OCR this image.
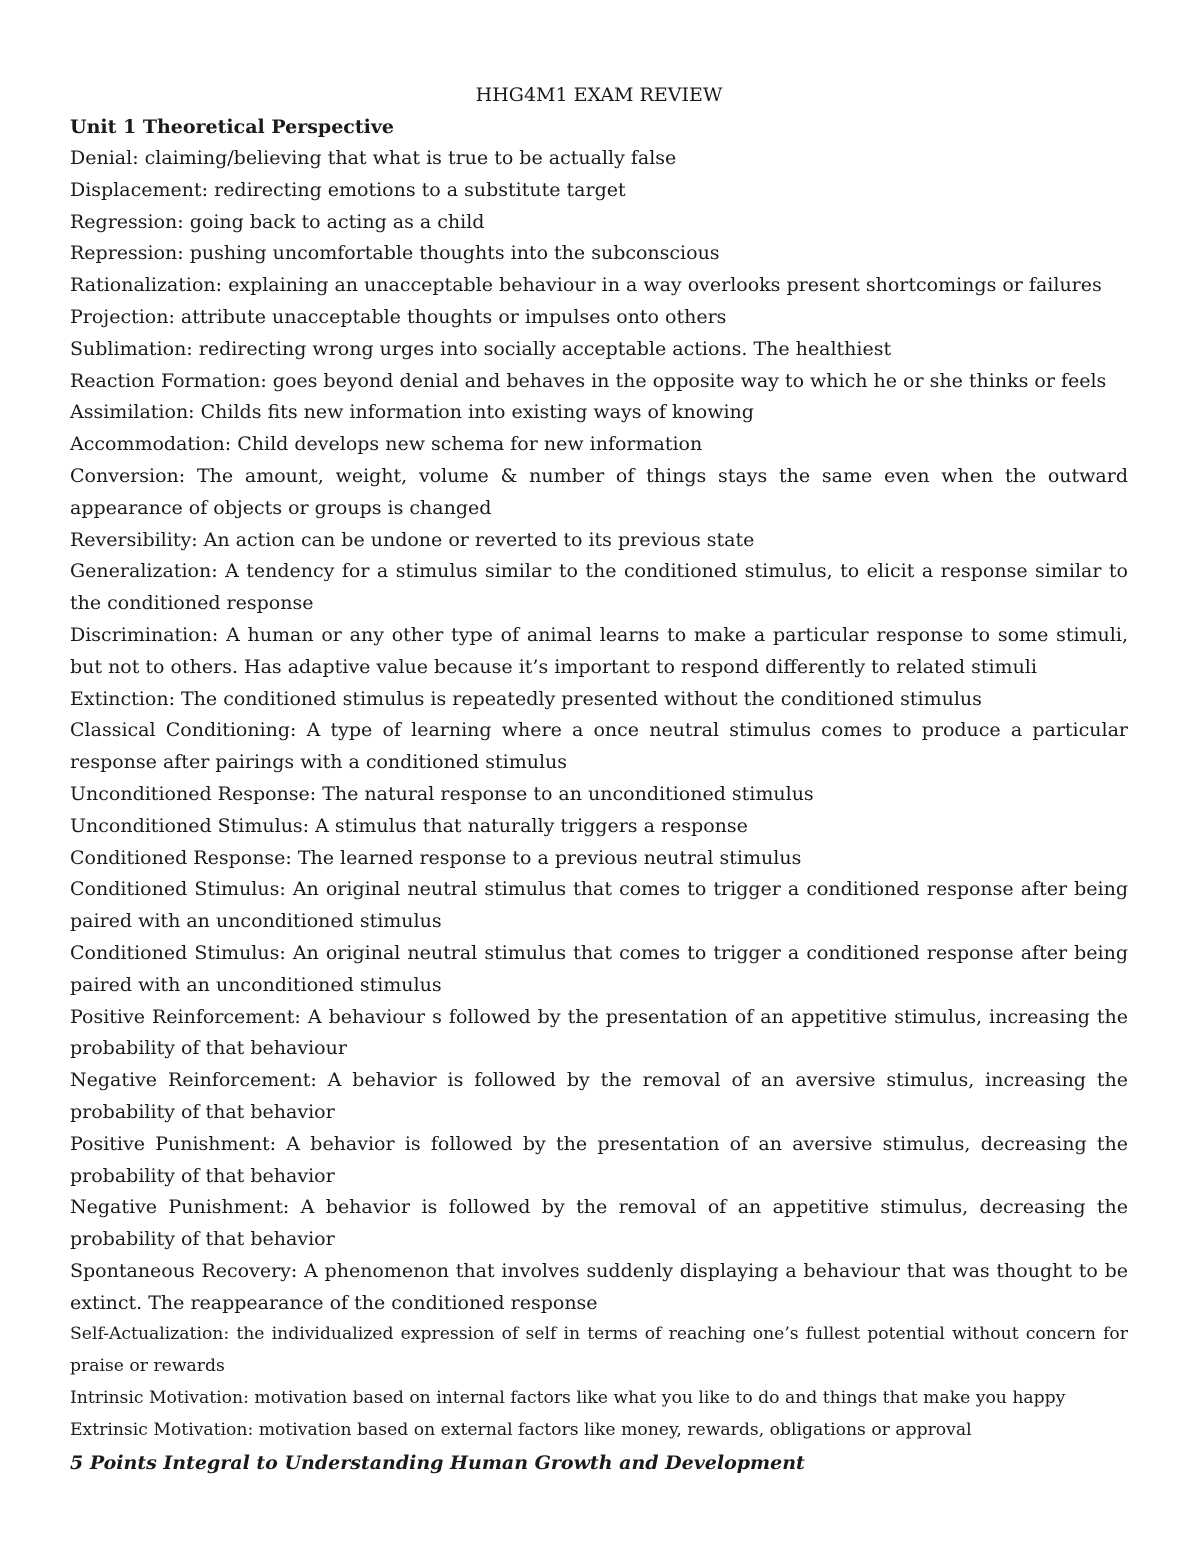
HHG4M1 EXAM REVIEW
Unit 1 Theoretical Perspective

Denial: claiming/believing that what is true to be actually false

Displacement: redirecting emotions to a substitute target

Regression: going back to acting as a child

Repression: pushing uncomfortable thoughts into the subconscious

Rationalization: explaining an unacceptable behaviour in a way overlooks present shortcomings or failures

Projection: attribute unacceptable thoughts or impulses onto others

Sublimation: redirecting wrong urges into socially acceptable actions. The healthiest

Reaction Formation: goes beyond denial and behaves in the opposite way to which he or she thinks or feels

Assimilation: Childs fits new information into existing ways of knowing

Accommodation: Child develops new schema for new information

Conversion: The amount, weight, volume & number of things stays the same even when the outward appearance of objects or groups is changed

Reversibility: An action can be undone or reverted to its previous state

Generalization: A tendency for a stimulus similar to the conditioned stimulus, to elicit a response similar to the conditioned response

Discrimination: A human or any other type of animal learns to make a particular response to some stimuli, but not to others. Has adaptive value because it’s important to respond differently to related stimuli

Extinction: The conditioned stimulus is repeatedly presented without the conditioned stimulus

Classical Conditioning: A type of learning where a once neutral stimulus comes to produce a particular response after pairings with a conditioned stimulus

Unconditioned Response: The natural response to an unconditioned stimulus

Unconditioned Stimulus: A stimulus that naturally triggers a response

Conditioned Response: The learned response to a previous neutral stimulus

Conditioned Stimulus: An original neutral stimulus that comes to trigger a conditioned response after being paired with an unconditioned stimulus

Conditioned Stimulus: An original neutral stimulus that comes to trigger a conditioned response after being paired with an unconditioned stimulus

Positive Reinforcement: A behaviour s followed by the presentation of an appetitive stimulus, increasing the probability of that behaviour

Negative Reinforcement: A behavior is followed by the removal of an aversive stimulus, increasing the probability of that behavior

Positive Punishment: A behavior is followed by the presentation of an aversive stimulus, decreasing the probability of that behavior

Negative Punishment: A behavior is followed by the removal of an appetitive stimulus, decreasing the probability of that behavior

Spontaneous Recovery: A phenomenon that involves suddenly displaying a behaviour that was thought to be extinct. The reappearance of the conditioned response

Self-Actualization: the individualized expression of self in terms of reaching one’s fullest potential without concern for praise or rewards

Intrinsic Motivation: motivation based on internal factors like what you like to do and things that make you happy

Extrinsic Motivation: motivation based on external factors like money, rewards, obligations or approval

5 Points Integral to Understanding Human Growth and Development
